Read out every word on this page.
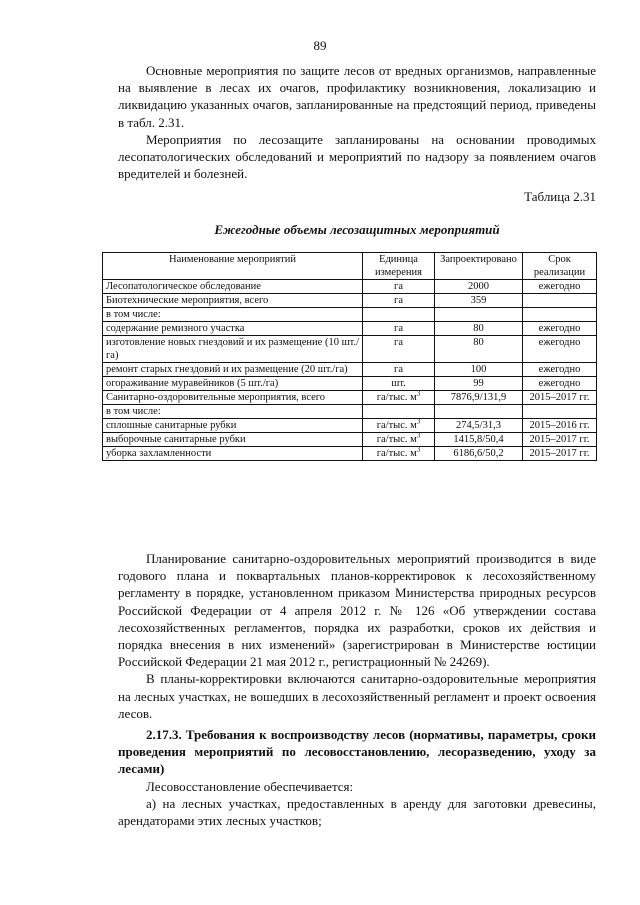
89

Основные мероприятия по защите лесов от вредных организмов, направленные на выявление в лесах их очагов, профилактику возникновения, локализацию и ликвидацию указанных очагов, запланированные на предстоящий период, приведены в табл. 2.31.

Мероприятия по лесозащите запланированы на основании проводимых лесопатологических обследований и мероприятий по надзору за появлением очагов вредителей и болезней.

Таблица 2.31
Ежегодные объемы лесозащитных мероприятий
Наименование мероприятий	Единица измерения	Запроектировано	Срок реализации
Лесопатологическое обследование	га	2000	ежегодно
Биотехнические мероприятия, всего	га	359	
в том числе:			
содержание ремизного участка	га	80	ежегодно
изготовление новых гнездовий и их размещение (10 шт./га)	га	80	ежегодно
ремонт старых гнездовий и их размещение (20 шт./га)	га	100	ежегодно
огораживание муравейников (5 шт./га)	шт.	99	ежегодно
Санитарно-оздоровительные мероприятия, всего	га/тыс. $м^3$	7876,9/131,9	2015–2017 гг.
в том числе:			
сплошные санитарные рубки	га/тыс. $м^3$	274,5/31,3	2015–2016 гг.
выборочные санитарные рубки	га/тыс. $м^3$	1415,8/50,4	2015–2017 гг.
уборка захламленности	га/тыс. $м^3$	6186,6/50,2	2015–2017 гг.

Планирование санитарно-оздоровительных мероприятий производится в виде годового плана и поквартальных планов-корректировок к лесохозяйственному регламенту в порядке, установленном приказом Министерства природных ресурсов Российской Федерации от 4 апреля 2012 г. № 126 «Об утверждении состава лесохозяйственных регламентов, порядка их разработки, сроков их действия и порядка внесения в них изменений» (зарегистрирован в Министерстве юстиции Российской Федерации 21 мая 2012 г., регистрационный № 24269).

В планы-корректировки включаются санитарно-оздоровительные мероприятия на лесных участках, не вошедших в лесохозяйственный регламент и проект освоения лесов.

2.17.3. Требования к воспроизводству лесов (нормативы, параметры, сроки проведения мероприятий по лесовосстановлению, лесоразведению, уходу за лесами)

Лесовосстановление обеспечивается:

а) на лесных участках, предоставленных в аренду для заготовки древесины, арендаторами этих лесных участков;
